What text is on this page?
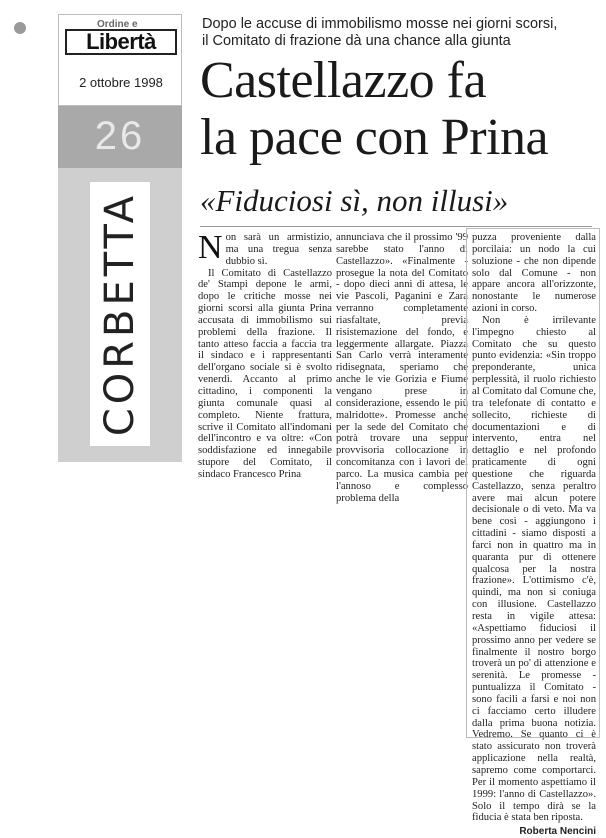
Ordine e
Libertà
2 ottobre 1998
26
CORBETTA
Dopo le accuse di immobilismo mosse nei giorni scorsi,
il Comitato di frazione dà una chance alla giunta
Castellazzo fa
la pace con Prina
«Fiduciosi sì, non illusi»

Non sarà un armistizio, ma una tregua senza dubbio sì.

Il Comitato di Castellazzo de' Stampi depone le armi, dopo le critiche mosse nei giorni scorsi alla giunta Prina accusata di immobilismo sui problemi della frazione. Il tanto atteso faccia a faccia tra il sindaco e i rappresentanti dell'organo sociale si è svolto venerdì. Accanto al primo cittadino, i componenti la giunta comunale quasi al completo. Niente frattura, scrive il Comitato all'indomani dell'incontro e va oltre: «Con soddisfazione ed innegabile stupore del Comitato, il sindaco Francesco Prina

annunciava che il prossimo '99 sarebbe stato l'anno di Castellazzo». «Finalmente - prosegue la nota del Comitato - dopo dieci anni di attesa, le vie Pascoli, Paganini e Zara verranno completamente riasfaltate, previa risistemazione del fondo, e leggermente allargate. Piazza San Carlo verrà interamente ridisegnata, speriamo che anche le vie Gorizia e Fiume vengano prese in considerazione, essendo le più malridotte». Promesse anche per la sede del Comitato che potrà trovare una seppur provvisoria collocazione in concomitanza con i lavori del parco. La musica cambia per l'annoso e complesso problema della

puzza proveniente dalla porcilaia: un nodo la cui soluzione - che non dipende solo dal Comune - non appare ancora all'orizzonte, nonostante le numerose azioni in corso.

Non è irrilevante l'impegno chiesto al Comitato che su questo punto evidenzia: «Sin troppo preponderante, unica perplessità, il ruolo richiesto al Comitato dal Comune che, tra telefonate di contatto e sollecito, richieste di documentazioni e di intervento, entra nel dettaglio e nel profondo praticamente di ogni questione che riguarda Castellazzo, senza peraltro avere mai alcun potere decisionale o di veto. Ma va bene così - aggiungono i cittadini - siamo disposti a farci non in quattro ma in quaranta pur di ottenere qualcosa per la nostra frazione». L'ottimismo c'è, quindi, ma non si coniuga con illusione. Castellazzo resta in vigile attesa: «Aspettiamo fiduciosi il prossimo anno per vedere se finalmente il nostro borgo troverà un po' di attenzione e serenità. Le promesse - puntualizza il Comitato - sono facili a farsi e noi non ci facciamo certo illudere dalla prima buona notizia. Vedremo. Se quanto ci è stato assicurato non troverà applicazione nella realtà, sapremo come comportarci. Per il momento aspettiamo il 1999: l'anno di Castellazzo». Solo il tempo dirà se la fiducia è stata ben riposta.

Roberta Nencini
